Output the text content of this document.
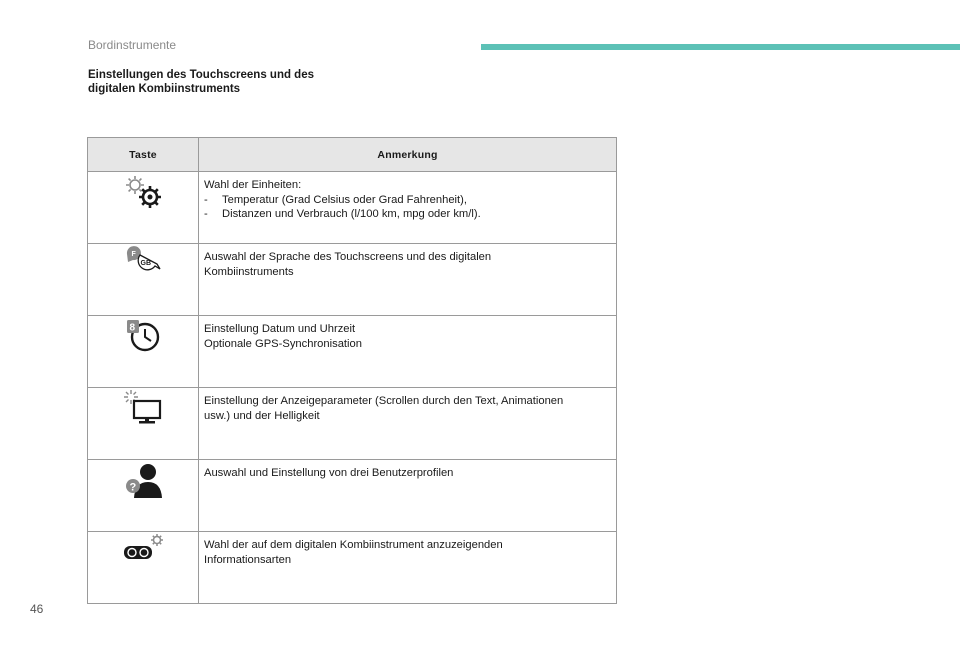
Bordinstrumente
Einstellungen des Touchscreens und des
digitalen Kombiinstruments
Taste	Anmerkung

Wahl der Einheiten:
- Temperatur (Grad Celsius oder Grad Fahrenheit),
- Distanzen und Verbrauch (l/100 km, mpg oder km/l).

F
GB	Auswahl der Sprache des Touchscreens und des digitalen
Kombiinstruments

8	Einstellung Datum und Uhrzeit
Optionale GPS-Synchronisation

Einstellung der Anzeigeparameter (Scrollen durch den Text, Animationen
usw.) und der Helligkeit

?	Auswahl und Einstellung von drei Benutzerprofilen

Wahl der auf dem digitalen Kombiinstrument anzuzeigenden
Informationsarten
46
